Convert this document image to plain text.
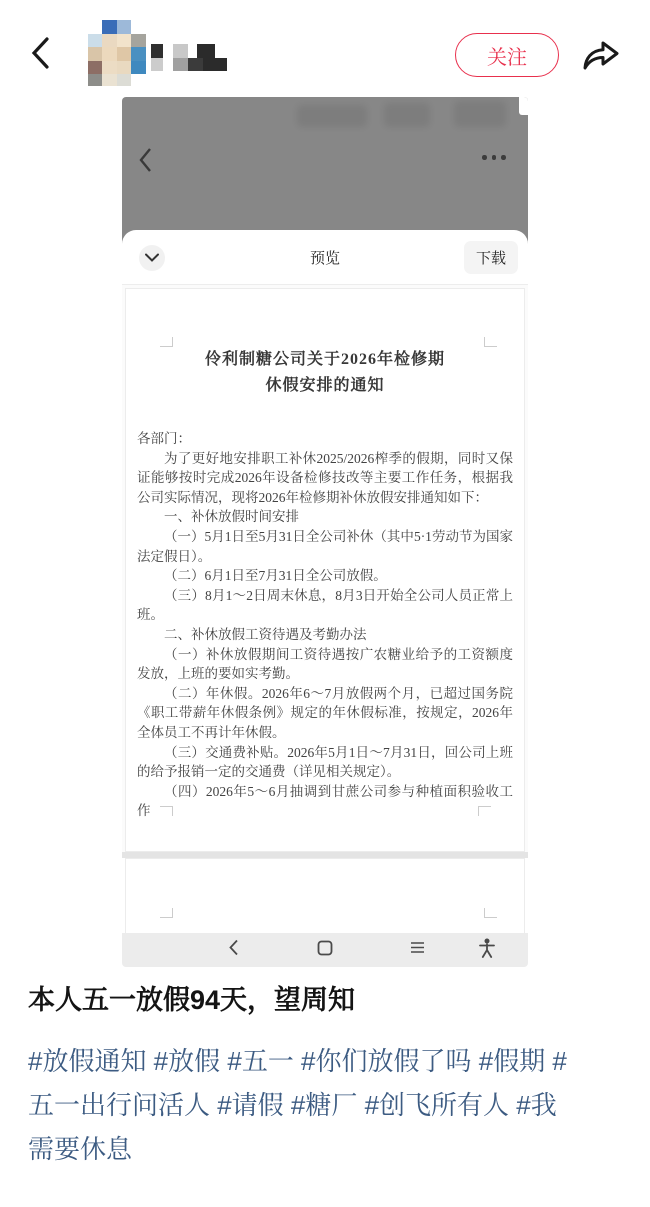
关注
预览	下载
伶利制糖公司关于2026年检修期
休假安排的通知

各部门：

为了更好地安排职工补休2025/2026榨季的假期，同时又保证能够按时完成2026年设备检修技改等主要工作任务，根据我公司实际情况，现将2026年检修期补休放假安排通知如下：

一、补休放假时间安排

（一）5月1日至5月31日全公司补休（其中5·1劳动节为国家法定假日）。

（二）6月1日至7月31日全公司放假。

（三）8月1～2日周末休息，8月3日开始全公司人员正常上班。

二、补休放假工资待遇及考勤办法

（一）补休放假期间工资待遇按广农糖业给予的工资额度发放，上班的要如实考勤。

（二）年休假。2026年6～7月放假两个月，已超过国务院《职工带薪年休假条例》规定的年休假标准，按规定，2026年全体员工不再计年休假。

（三）交通费补贴。2026年5月1日～7月31日，回公司上班的给予报销一定的交通费（详见相关规定）。

（四）2026年5～6月抽调到甘蔗公司参与种植面积验收工作

本人五一放假94天，望周知

#放假通知 #放假 #五一 #你们放假了吗 #假期 #五一出行问活人 #请假 #糖厂 #创飞所有人 #我需要休息
